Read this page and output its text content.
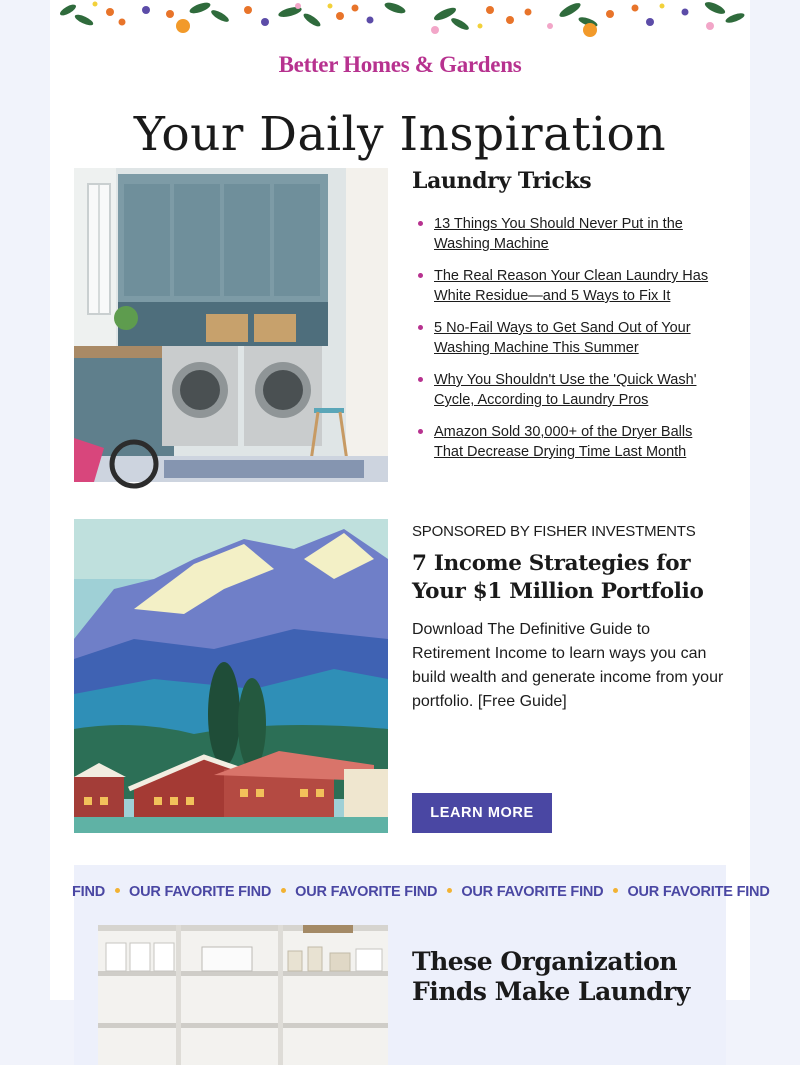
Better Homes & Gardens
Your Daily Inspiration
Laundry Tricks
13 Things You Should Never Put in the Washing Machine
The Real Reason Your Clean Laundry Has White Residue—and 5 Ways to Fix It
5 No-Fail Ways to Get Sand Out of Your Washing Machine This Summer
Why You Shouldn't Use the 'Quick Wash' Cycle, According to Laundry Pros
Amazon Sold 30,000+ of the Dryer Balls That Decrease Drying Time Last Month
SPONSORED BY FISHER INVESTMENTS
7 Income Strategies for Your $1 Million Portfolio

Download The Definitive Guide to Retirement Income to learn ways you can build wealth and generate income from your portfolio. [Free Guide]

LEARN MORE
FIND OUR FAVORITE FIND OUR FAVORITE FIND OUR FAVORITE FIND OUR FAVORITE FIND
These Organization Finds Make Laundry
